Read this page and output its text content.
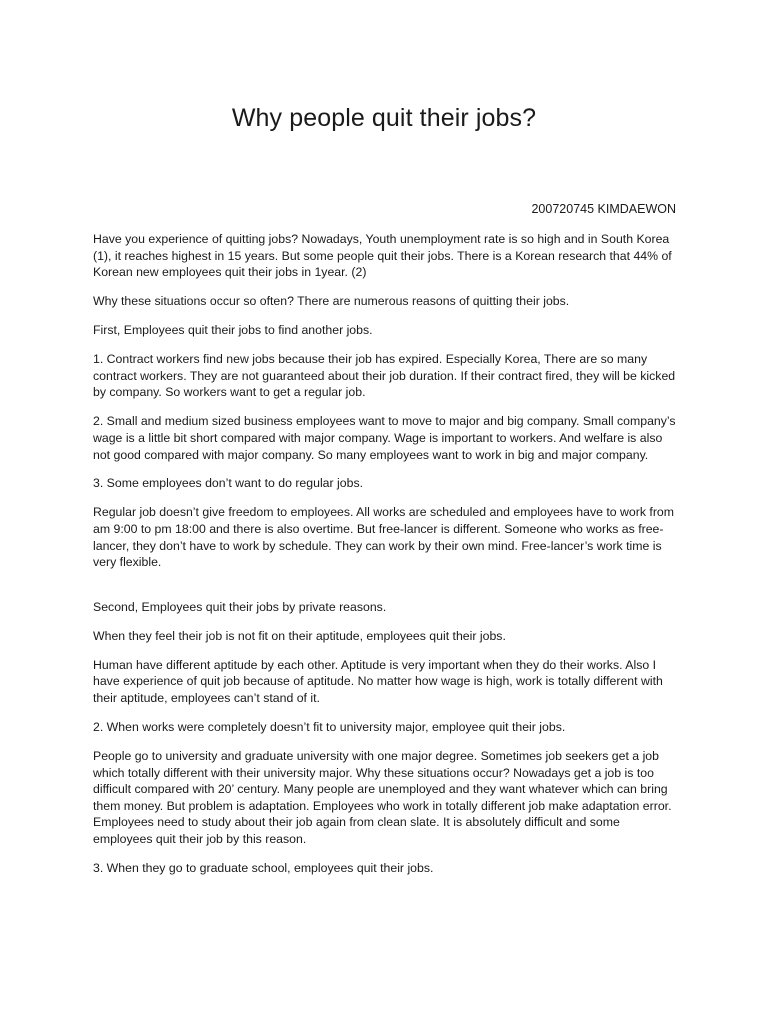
Why people quit their jobs?
200720745 KIMDAEWON

Have you experience of quitting jobs? Nowadays, Youth unemployment rate is so high and in South Korea (1), it reaches highest in 15 years. But some people quit their jobs. There is a Korean research that 44% of Korean new employees quit their jobs in 1year. (2)

Why these situations occur so often? There are numerous reasons of quitting their jobs.

First, Employees quit their jobs to find another jobs.

1. Contract workers find new jobs because their job has expired. Especially Korea, There are so many contract workers. They are not guaranteed about their job duration. If their contract fired, they will be kicked by company. So workers want to get a regular job.

2. Small and medium sized business employees want to move to major and big company. Small company’s wage is a little bit short compared with major company. Wage is important to workers. And welfare is also not good compared with major company. So many employees want to work in big and major company.

3. Some employees don’t want to do regular jobs.

Regular job doesn’t give freedom to employees. All works are scheduled and employees have to work from am 9:00 to pm 18:00 and there is also overtime. But free-lancer is different. Someone who works as free-lancer, they don’t have to work by schedule. They can work by their own mind. Free-lancer’s work time is very flexible.

Second, Employees quit their jobs by private reasons.

When they feel their job is not fit on their aptitude, employees quit their jobs.

Human have different aptitude by each other. Aptitude is very important when they do their works. Also I have experience of quit job because of aptitude. No matter how wage is high, work is totally different with their aptitude, employees can’t stand of it.

2. When works were completely doesn’t fit to university major, employee quit their jobs.

People go to university and graduate university with one major degree. Sometimes job seekers get a job which totally different with their university major. Why these situations occur? Nowadays get a job is too difficult compared with 20’ century. Many people are unemployed and they want whatever which can bring them money. But problem is adaptation. Employees who work in totally different job make adaptation error. Employees need to study about their job again from clean slate. It is absolutely difficult and some employees quit their job by this reason.

3. When they go to graduate school, employees quit their jobs.
